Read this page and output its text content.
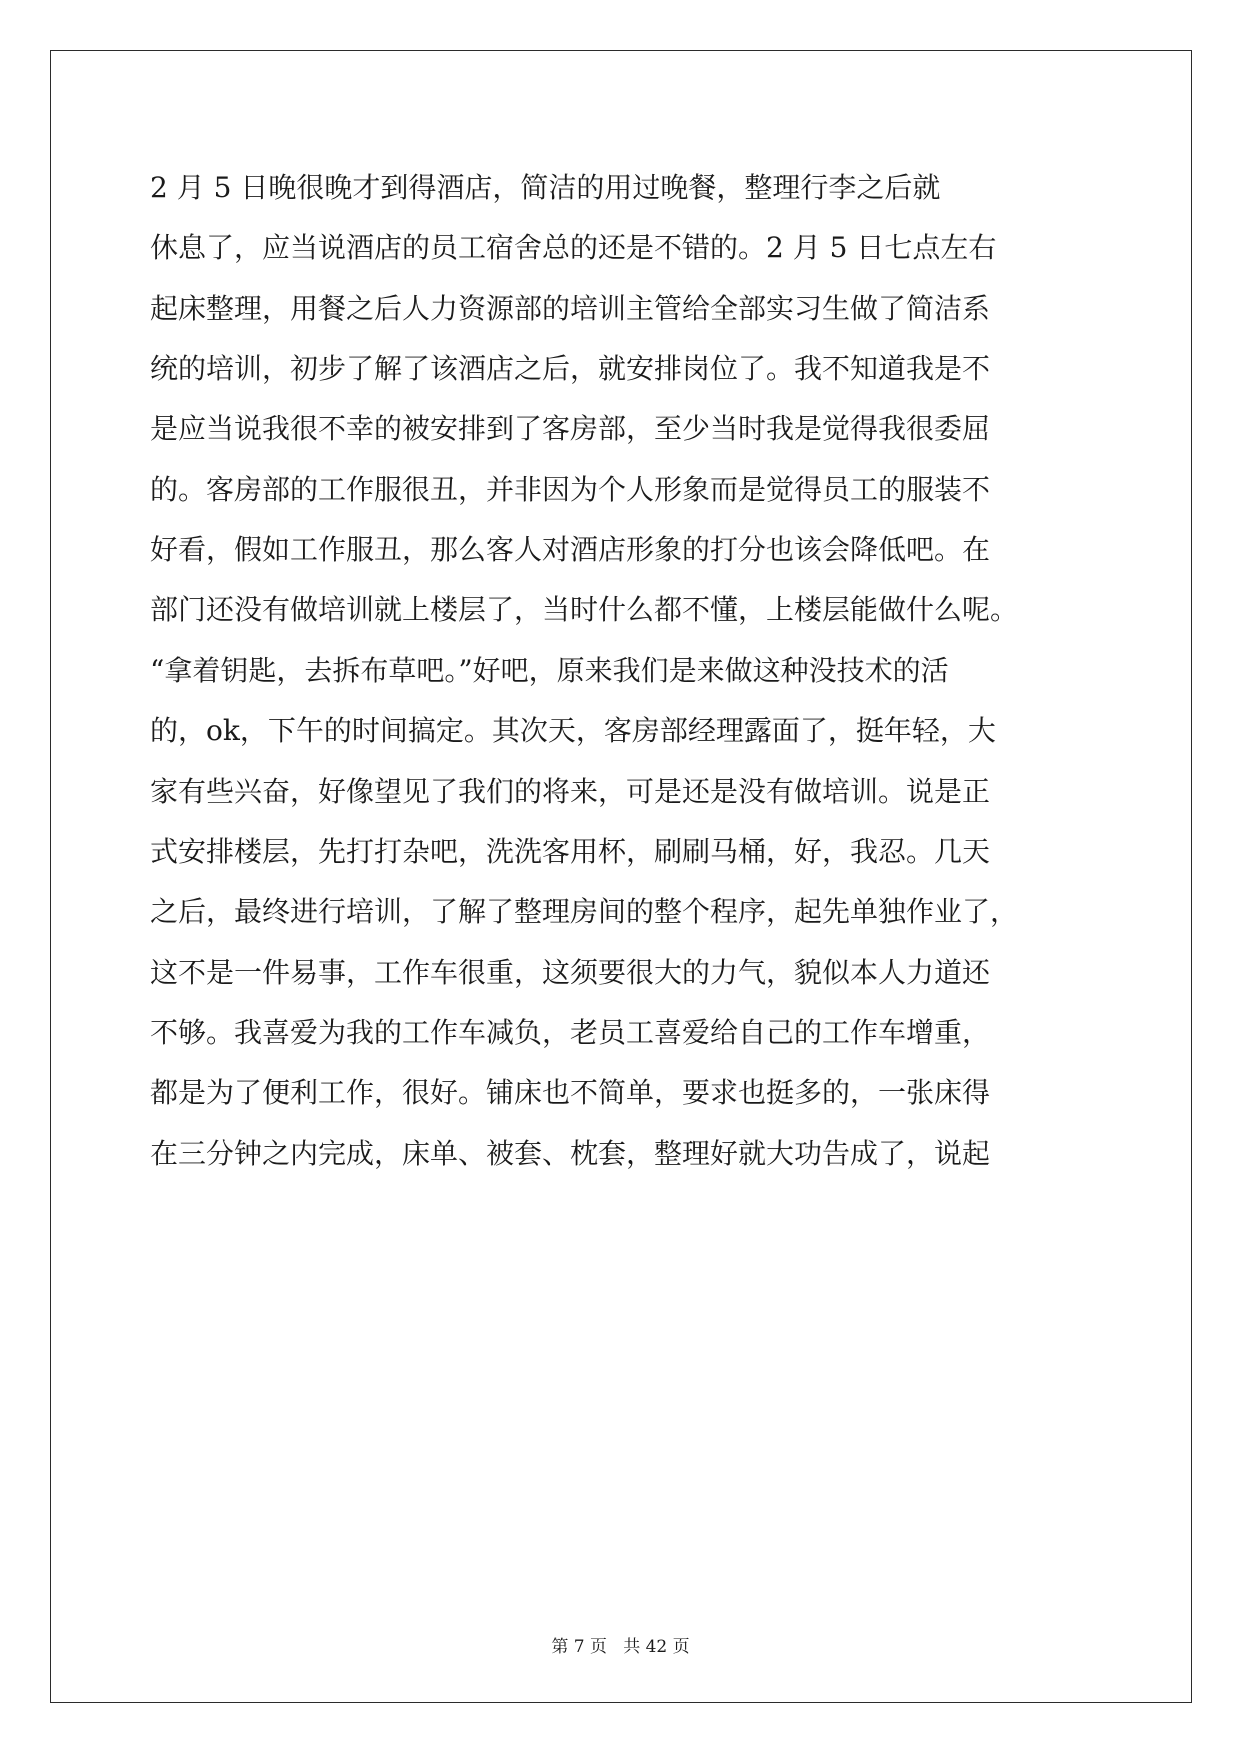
2 月 5 日晚很晚才到得酒店，简洁的用过晚餐，整理行李之后就
休息了，应当说酒店的员工宿舍总的还是不错的。2 月 5 日七点左右
起床整理，用餐之后人力资源部的培训主管给全部实习生做了简洁系
统的培训，初步了解了该酒店之后，就安排岗位了。我不知道我是不
是应当说我很不幸的被安排到了客房部，至少当时我是觉得我很委屈
的。客房部的工作服很丑，并非因为个人形象而是觉得员工的服装不
好看，假如工作服丑，那么客人对酒店形象的打分也该会降低吧。在
部门还没有做培训就上楼层了，当时什么都不懂，上楼层能做什么呢。
“拿着钥匙，去拆布草吧。”好吧，原来我们是来做这种没技术的活
的，ok，下午的时间搞定。其次天，客房部经理露面了，挺年轻，大
家有些兴奋，好像望见了我们的将来，可是还是没有做培训。说是正
式安排楼层，先打打杂吧，洗洗客用杯，刷刷马桶，好，我忍。几天
之后，最终进行培训，了解了整理房间的整个程序，起先单独作业了，
这不是一件易事，工作车很重，这须要很大的力气，貌似本人力道还
不够。我喜爱为我的工作车减负，老员工喜爱给自己的工作车增重，
都是为了便利工作，很好。铺床也不简单，要求也挺多的，一张床得
在三分钟之内完成，床单、被套、枕套，整理好就大功告成了，说起
第 7 页 共 42 页
